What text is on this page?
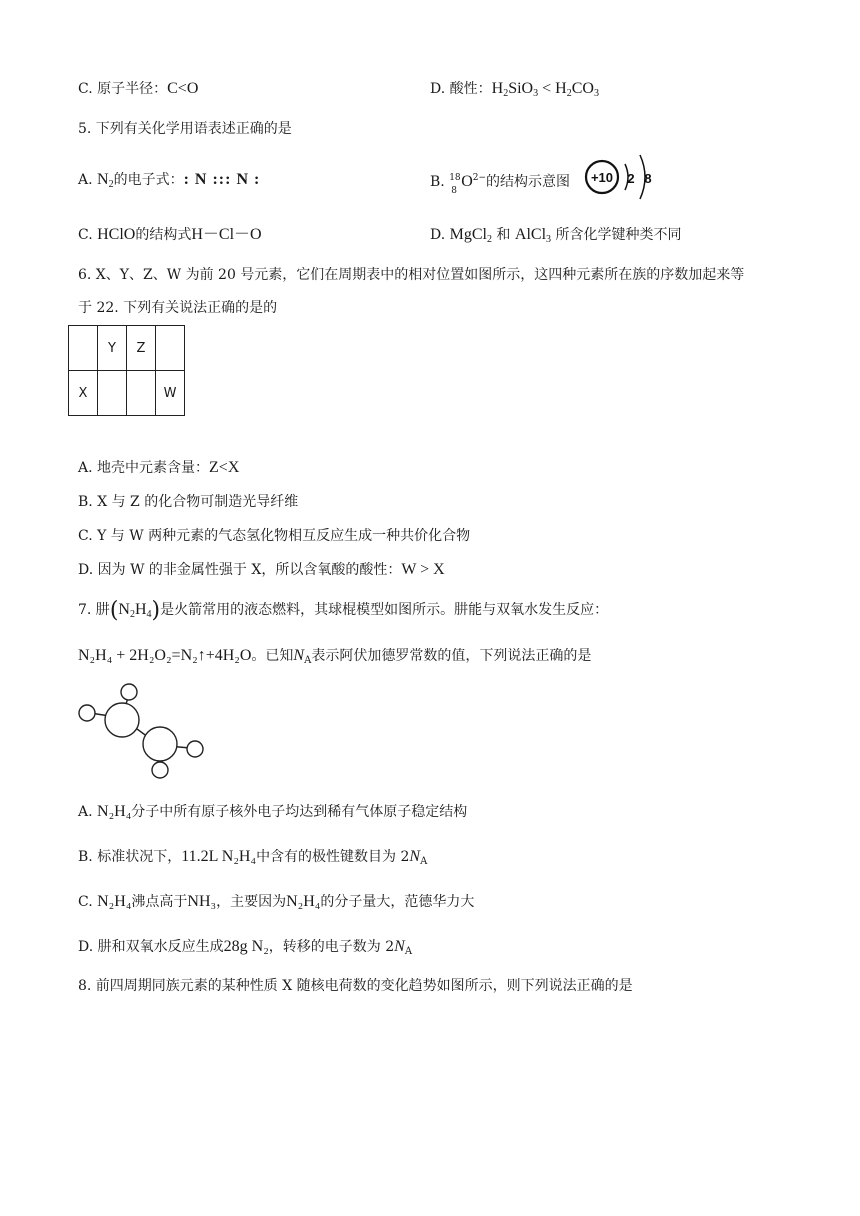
C. 原子半径：C<O	D. 酸性：$H_2SiO_3 < H_2CO_3$
5. 下列有关化学用语表述正确的是
A. $N_2$的电子式：: N ::: N :	B. 18
8
$O^{2-}$的结构示意图 +10 2 8
C. HClO的结构式H－Cl－O	D. MgCl$_2$ 和 AlCl$_3$ 所含化学键种类不同
6. X、Y、Z、W 为前 20 号元素，它们在周期表中的相对位置如图所示，这四种元素所在族的序数加起来等
于 22. 下列有关说法正确的是的
	Y	Z	
X			W
A. 地壳中元素含量：Z<X
B. X 与 Z 的化合物可制造光导纤维
C. Y 与 W 两种元素的气态氢化物相互反应生成一种共价化合物
D. 因为 W 的非金属性强于 X，所以含氧酸的酸性：W > X
7. 肼$(N_2H_4)$是火箭常用的液态燃料，其球棍模型如图所示。肼能与双氧水发生反应：
N₂H₄ + 2H₂O₂=N₂↑+4H₂O。已知$N_A$表示阿伏加德罗常数的值，下列说法正确的是
A. N₂H₄分子中所有原子核外电子均达到稀有气体原子稳定结构
B. 标准状况下，11.2L N₂H₄中含有的极性键数目为 $2N_A$
C. N₂H₄沸点高于NH₃，主要因为N₂H₄的分子量大，范德华力大
D. 肼和双氧水反应生成28g N₂，转移的电子数为 $2N_A$
8. 前四周期同族元素的某种性质 X 随核电荷数的变化趋势如图所示，则下列说法正确的是
